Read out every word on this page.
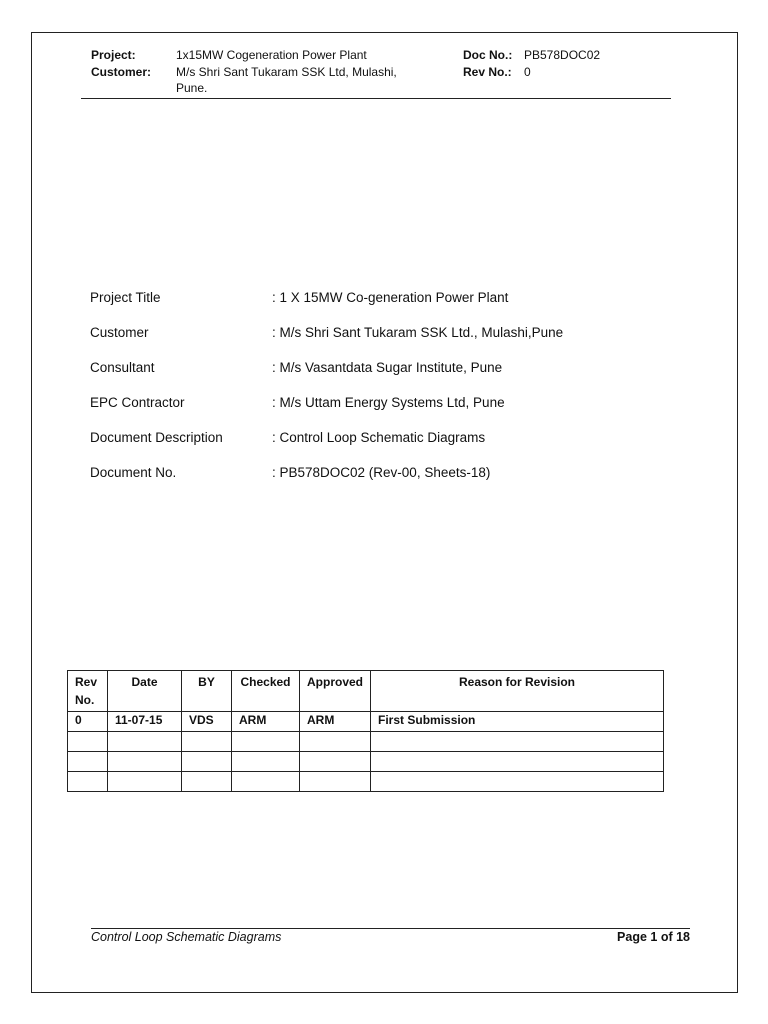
Project:	1x15MW Cogeneration Power Plant
Customer: M/s Shri Sant Tukaram SSK Ltd, Mulashi,
Pune.
Doc No.: PB578DOC02
Rev No.: 0
Project Title	: 1 X 15MW Co-generation Power Plant
Customer	: M/s Shri Sant Tukaram SSK Ltd., Mulashi,Pune
Consultant	: M/s Vasantdata Sugar Institute, Pune
EPC Contractor	: M/s Uttam Energy Systems Ltd, Pune
Document Description	: Control Loop Schematic Diagrams
Document No.	: PB578DOC02 (Rev-00, Sheets-18)
Rev No.	Date	BY	Checked	Approved	Reason for Revision
0	11-07-15	VDS	ARM	ARM	First Submission

Control Loop Schematic Diagrams	Page 1 of 18
